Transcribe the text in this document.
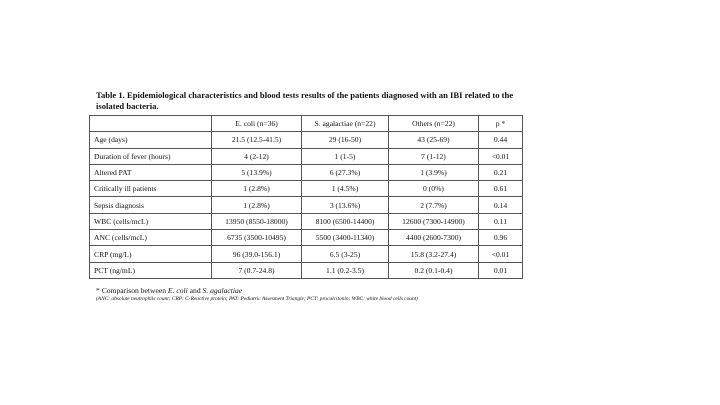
Table 1. Epidemiological characteristics and blood tests results of the patients diagnosed with an IBI related to the isolated bacteria.
	E. coli (n=36)	S. agalactiae (n=22)	Others (n=22)	p *
Age (days)	21.5 (12.5-41.5)	29 (16-50)	43 (25-69)	0.44
Duration of fever (hours)	4 (2-12)	1 (1-5)	7 (1-12)	<0.01
Altered PAT	5 (13.9%)	6 (27.3%)	1 (3.9%)	0.21
Critically ill patients	1 (2.8%)	1 (4.5%)	0 (0%)	0.61
Sepsis diagnosis	1 (2.8%)	3 (13.6%)	2 (7.7%)	0.14
WBC (cells/mcL)	13950 (8550-18000)	8100 (6500-14400)	12600 (7300-14900)	0.11
ANC (cells/mcL)	6735 (3500-10495)	5500 (3400-11340)	4400 (2600-7300)	0.96
CRP (mg/L)	96 (39.0-156.1)	6.5 (3-25)	15.8 (3.2-27.4)	<0.01
PCT (ng/mL)	7 (0.7-24.8)	1.1 (0.2-3.5)	0.2 (0.1-0.4)	0.01
* Comparison between E. coli and S. agalactiae
(ANC: absolute neutrophils count; CRP: C-Reactive protein; PAT: Pediatric Assesment Triangle; PCT: procalcitonin; WBC: white blood cells count)
